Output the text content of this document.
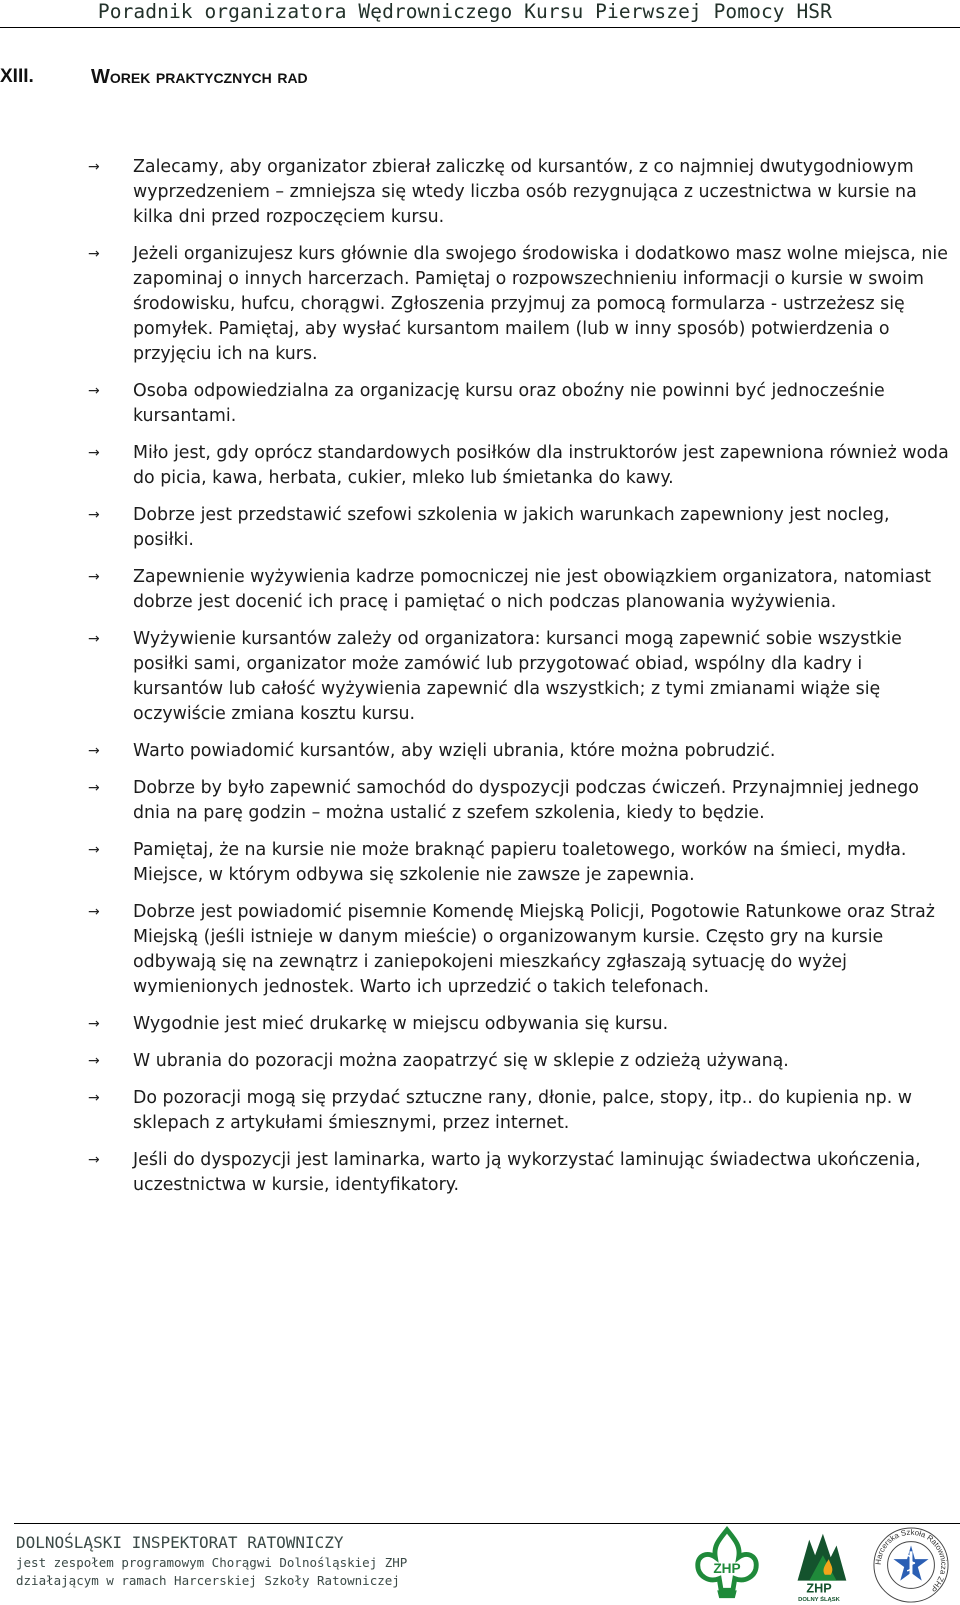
Poradnik organizatora Wędrowniczego Kursu Pierwszej Pomocy HSR
XIII.	Worek praktycznych rad
→ Zalecamy, aby organizator zbierał zaliczkę od kursantów, z co najmniej dwutygodniowym wyprzedzeniem – zmniejsza się wtedy liczba osób rezygnująca z uczestnictwa w kursie na kilka dni przed rozpoczęciem kursu.
→ Jeżeli organizujesz kurs głównie dla swojego środowiska i dodatkowo masz wolne miejsca, nie zapominaj o innych harcerzach. Pamiętaj o rozpowszechnieniu informacji o kursie w swoim środowisku, hufcu, chorągwi. Zgłoszenia przyjmuj za pomocą formularza - ustrzeżesz się pomyłek. Pamiętaj, aby wysłać kursantom mailem (lub w inny sposób) potwierdzenia o przyjęciu ich na kurs.
→ Osoba odpowiedzialna za organizację kursu oraz oboźny nie powinni być jednocześnie kursantami.
→ Miło jest, gdy oprócz standardowych posiłków dla instruktorów jest zapewniona również woda do picia, kawa, herbata, cukier, mleko lub śmietanka do kawy.
→ Dobrze jest przedstawić szefowi szkolenia w jakich warunkach zapewniony jest nocleg, posiłki.
→ Zapewnienie wyżywienia kadrze pomocniczej nie jest obowiązkiem organizatora, natomiast dobrze jest docenić ich pracę i pamiętać o nich podczas planowania wyżywienia.
→ Wyżywienie kursantów zależy od organizatora: kursanci mogą zapewnić sobie wszystkie posiłki sami, organizator może zamówić lub przygotować obiad, wspólny dla kadry i kursantów lub całość wyżywienia zapewnić dla wszystkich; z tymi zmianami wiąże się oczywiście zmiana kosztu kursu.
→ Warto powiadomić kursantów, aby wzięli ubrania, które można pobrudzić.
→ Dobrze by było zapewnić samochód do dyspozycji podczas ćwiczeń. Przynajmniej jednego dnia na parę godzin – można ustalić z szefem szkolenia, kiedy to będzie.
→ Pamiętaj, że na kursie nie może braknąć papieru toaletowego, worków na śmieci, mydła. Miejsce, w którym odbywa się szkolenie nie zawsze je zapewnia.
→ Dobrze jest powiadomić pisemnie Komendę Miejską Policji, Pogotowie Ratunkowe oraz Straż Miejską (jeśli istnieje w danym mieście) o organizowanym kursie. Często gry na kursie odbywają się na zewnątrz i zaniepokojeni mieszkańcy zgłaszają sytuację do wyżej wymienionych jednostek. Warto ich uprzedzić o takich telefonach.
→ Wygodnie jest mieć drukarkę w miejscu odbywania się kursu.
→ W ubrania do pozoracji można zaopatrzyć się w sklepie z odzieżą używaną.
→ Do pozoracji mogą się przydać sztuczne rany, dłonie, palce, stopy, itp.. do kupienia np. w sklepach z artykułami śmiesznymi, przez internet.
→ Jeśli do dyspozycji jest laminarka, warto ją wykorzystać laminując świadectwa ukończenia, uczestnictwa w kursie, identyfikatory.
DOLNOŚLĄSKI INSPEKTORAT RATOWNICZY
jest zespołem programowym Chorągwi Dolnośląskiej ZHP
działającym w ramach Harcerskiej Szkoły Ratowniczej
ZHP
ZHP
DOLNY ŚLĄSK
Harcerska Szkoła Ratownicza ZHP
